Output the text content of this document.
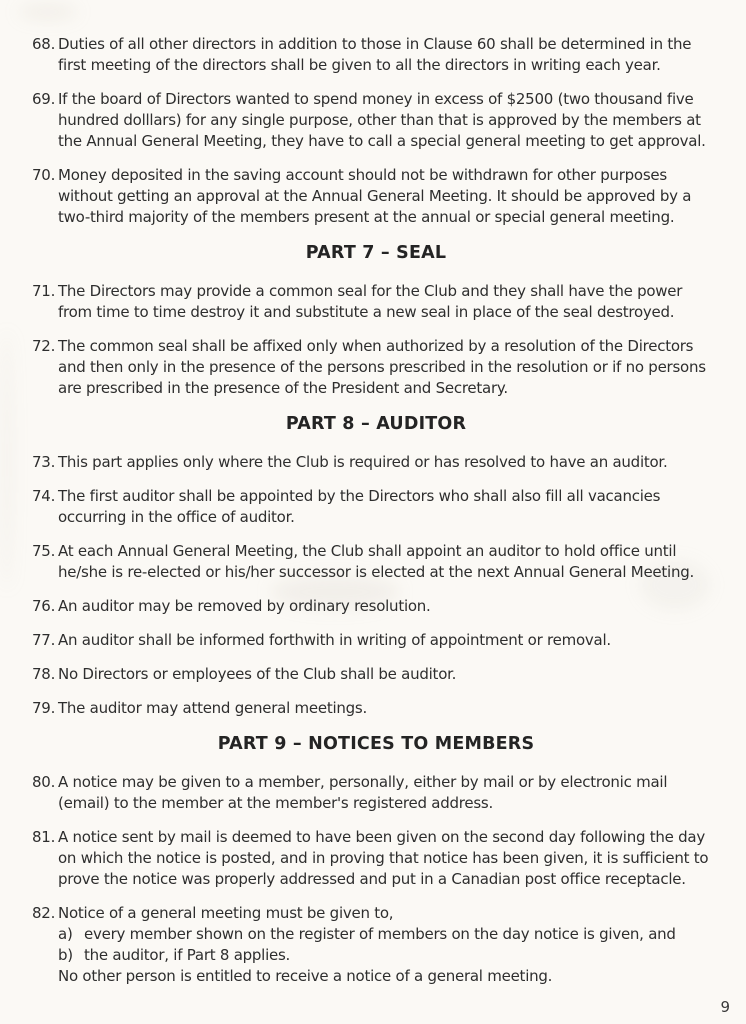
68. Duties of all other directors in addition to those in Clause 60 shall be determined in the first meeting of the directors shall be given to all the directors in writing each year.
69. If the board of Directors wanted to spend money in excess of $2500 (two thousand five hundred dolllars) for any single purpose, other than that is approved by the members at the Annual General Meeting, they have to call a special general meeting to get approval.
70. Money deposited in the saving account should not be withdrawn for other purposes without getting an approval at the Annual General Meeting. It should be approved by a two-third majority of the members present at the annual or special general meeting.
PART 7 – SEAL
71. The Directors may provide a common seal for the Club and they shall have the power from time to time destroy it and substitute a new seal in place of the seal destroyed.
72. The common seal shall be affixed only when authorized by a resolution of the Directors and then only in the presence of the persons prescribed in the resolution or if no persons are prescribed in the presence of the President and Secretary.
PART 8 – AUDITOR
73. This part applies only where the Club is required or has resolved to have an auditor.
74. The first auditor shall be appointed by the Directors who shall also fill all vacancies occurring in the office of auditor.
75. At each Annual General Meeting, the Club shall appoint an auditor to hold office until he/she is re-elected or his/her successor is elected at the next Annual General Meeting.
76. An auditor may be removed by ordinary resolution.
77. An auditor shall be informed forthwith in writing of appointment or removal.
78. No Directors or employees of the Club shall be auditor.
79. The auditor may attend general meetings.
PART 9 – NOTICES TO MEMBERS
80. A notice may be given to a member, personally, either by mail or by electronic mail (email) to the member at the member's registered address.
81. A notice sent by mail is deemed to have been given on the second day following the day on which the notice is posted, and in proving that notice has been given, it is sufficient to prove the notice was properly addressed and put in a Canadian post office receptacle.
82. Notice of a general meeting must be given to,
a) every member shown on the register of members on the day notice is given, and
b) the auditor, if Part 8 applies.
No other person is entitled to receive a notice of a general meeting.
9
